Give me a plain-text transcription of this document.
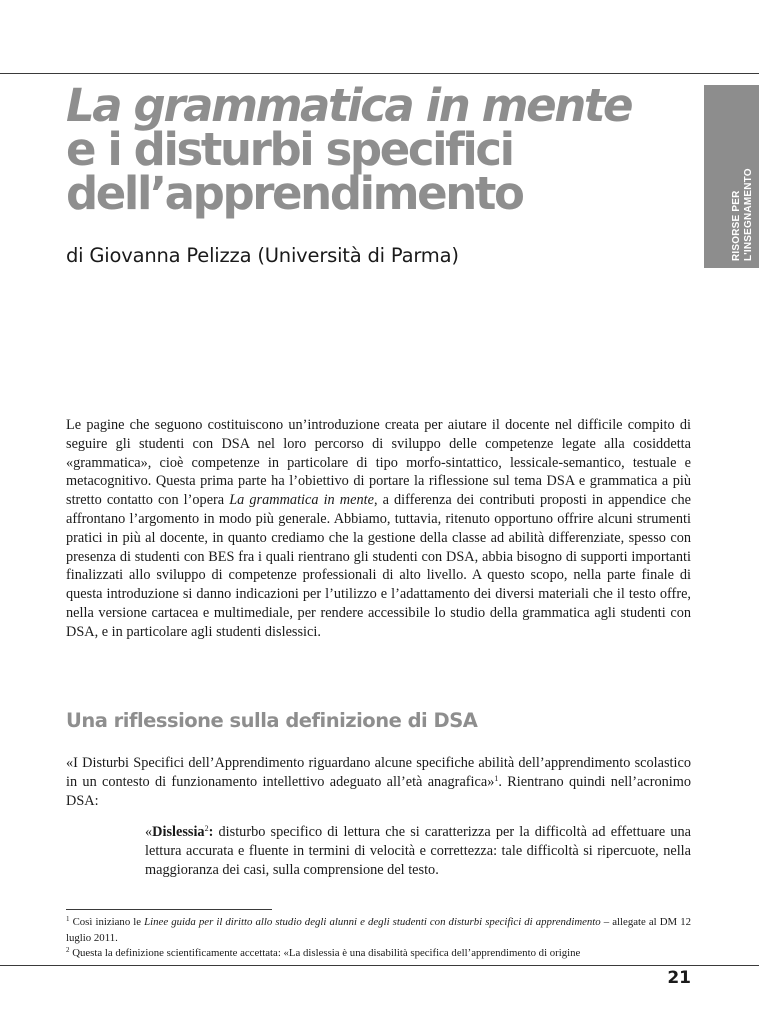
RISORSE PER L'INSEGNAMENTO
La grammatica in mente
e i disturbi specifici
dell’apprendimento
di Giovanna Pelizza (Università di Parma)
Le pagine che seguono costituiscono un’introduzione creata per aiutare il docente nel difficile compito di seguire gli studenti con DSA nel loro percorso di sviluppo delle competenze legate alla cosiddetta «grammatica», cioè competenze in particolare di tipo morfo-sintattico, lessicale-semantico, testuale e metacognitivo. Questa prima parte ha l’obiettivo di portare la riflessione sul tema DSA e grammatica a più stretto contatto con l’opera La grammatica in mente, a differenza dei contributi proposti in appendice che affrontano l’argomento in modo più generale. Abbiamo, tuttavia, ritenuto opportuno offrire alcuni strumenti pratici in più al docente, in quanto crediamo che la gestione della classe ad abilità differenziate, spesso con presenza di studenti con BES fra i quali rientrano gli studenti con DSA, abbia bisogno di supporti importanti finalizzati allo sviluppo di competenze professionali di alto livello. A questo scopo, nella parte finale di questa introduzione si danno indicazioni per l’utilizzo e l’adattamento dei diversi materiali che il testo offre, nella versione cartacea e multimediale, per rendere accessibile lo studio della grammatica agli studenti con DSA, e in particolare agli studenti dislessici.
Una riflessione sulla definizione di DSA
«I Disturbi Specifici dell’Apprendimento riguardano alcune specifiche abilità dell’apprendimento scolastico in un contesto di funzionamento intellettivo adeguato all’età anagrafica»$^1$. Rientrano quindi nell’acronimo DSA:
«Dislessia$^2$: disturbo specifico di lettura che si caratterizza per la difficoltà ad effettuare una lettura accurata e fluente in termini di velocità e correttezza: tale difficoltà si ripercuote, nella maggioranza dei casi, sulla comprensione del testo.

$^1$ Così iniziano le Linee guida per il diritto allo studio degli alunni e degli studenti con disturbi specifici di apprendimento – allegate al DM 12 luglio 2011.

$^2$ Questa la definizione scientificamente accettata: «La dislessia è una disabilità specifica dell’apprendimento di origine

21
